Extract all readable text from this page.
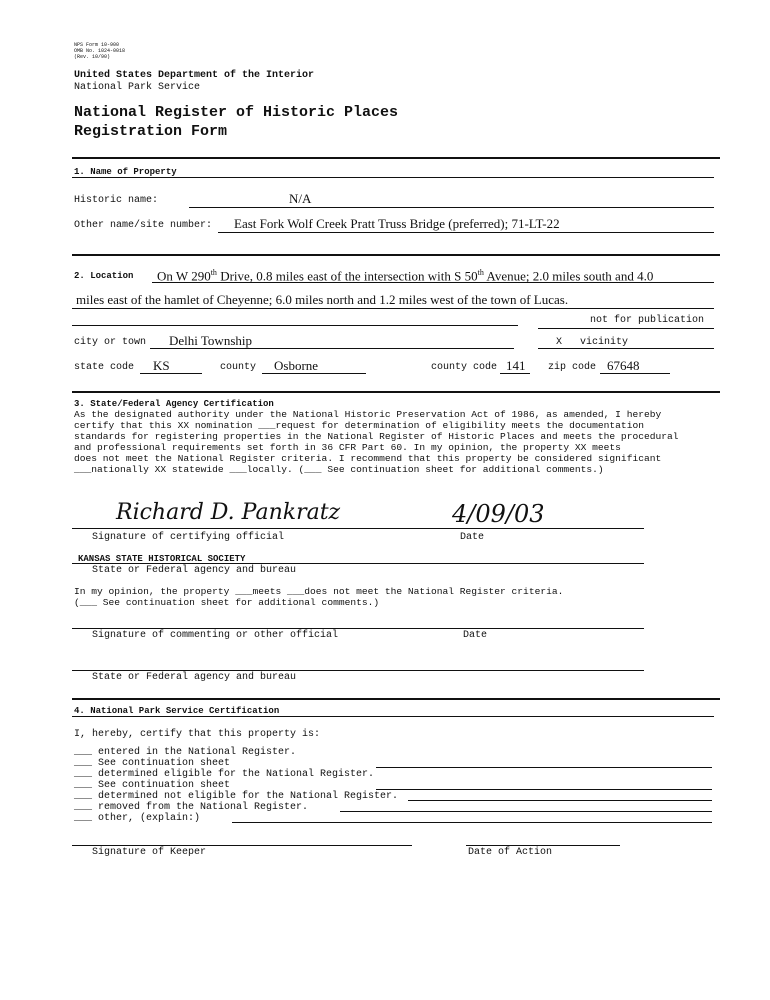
NPS Form 10-900
OMB No. 1024-0018
(Rev. 10/90)
United States Department of the Interior
National Park Service
National Register of Historic Places
Registration Form
1. Name of Property
Historic name:	N/A
Other name/site number: East Fork Wolf Creek Pratt Truss Bridge (preferred); 71-LT-22
2. Location On W 290th Drive, 0.8 miles east of the intersection with S 50th Avenue; 2.0 miles south and 4.0
miles east of the hamlet of Cheyenne; 6.0 miles north and 1.2 miles west of the town of Lucas.
not for publication
city or town Delhi Township	X vicinity
state code KS	county Osborne	county code 141 zip code 67648
3. State/Federal Agency Certification
As the designated authority under the National Historic Preservation Act of 1986, as amended, I hereby
certify that this XX nomination ___request for determination of eligibility meets the documentation
standards for registering properties in the National Register of Historic Places and meets the procedural
and professional requirements set forth in 36 CFR Part 60. In my opinion, the property XX meets
does not meet the National Register criteria. I recommend that this property be considered significant
___nationally XX statewide ___locally. (___ See continuation sheet for additional comments.)
Richard D. Pankratz	4/09/03
Signature of certifying official	Date
KANSAS STATE HISTORICAL SOCIETY
State or Federal agency and bureau
In my opinion, the property ___meets ___does not meet the National Register criteria.
(___ See continuation sheet for additional comments.)
Signature of commenting or other official	Date
State or Federal agency and bureau
4. National Park Service Certification
I, hereby, certify that this property is:
___ entered in the National Register.
___ See continuation sheet
___ determined eligible for the National Register.
___ See continuation sheet
___ determined not eligible for the National Register.
___ removed from the National Register.
___ other, (explain:)
Signature of Keeper	Date of Action
